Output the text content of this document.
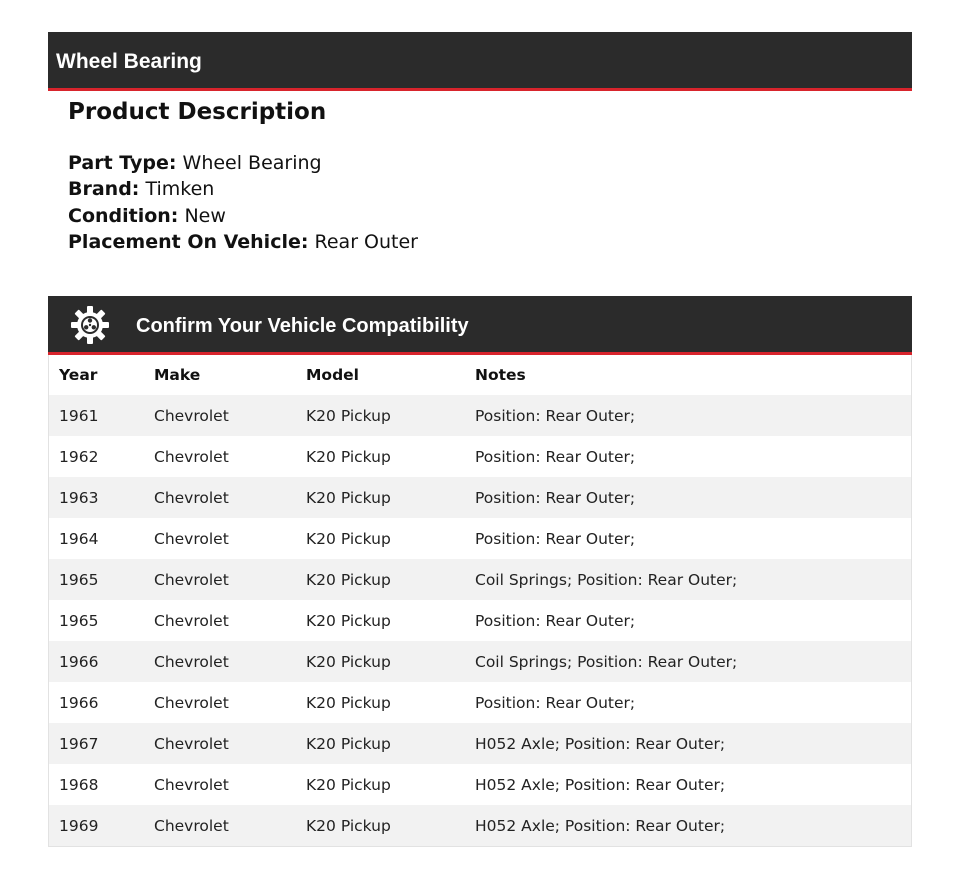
Wheel Bearing
Product Description
Part Type: Wheel Bearing
Brand: Timken
Condition: New
Placement On Vehicle: Rear Outer
Confirm Your Vehicle Compatibility
Year	Make	Model	Notes
1961	Chevrolet	K20 Pickup	Position: Rear Outer;
1962	Chevrolet	K20 Pickup	Position: Rear Outer;
1963	Chevrolet	K20 Pickup	Position: Rear Outer;
1964	Chevrolet	K20 Pickup	Position: Rear Outer;
1965	Chevrolet	K20 Pickup	Coil Springs; Position: Rear Outer;
1965	Chevrolet	K20 Pickup	Position: Rear Outer;
1966	Chevrolet	K20 Pickup	Coil Springs; Position: Rear Outer;
1966	Chevrolet	K20 Pickup	Position: Rear Outer;
1967	Chevrolet	K20 Pickup	H052 Axle; Position: Rear Outer;
1968	Chevrolet	K20 Pickup	H052 Axle; Position: Rear Outer;
1969	Chevrolet	K20 Pickup	H052 Axle; Position: Rear Outer;
